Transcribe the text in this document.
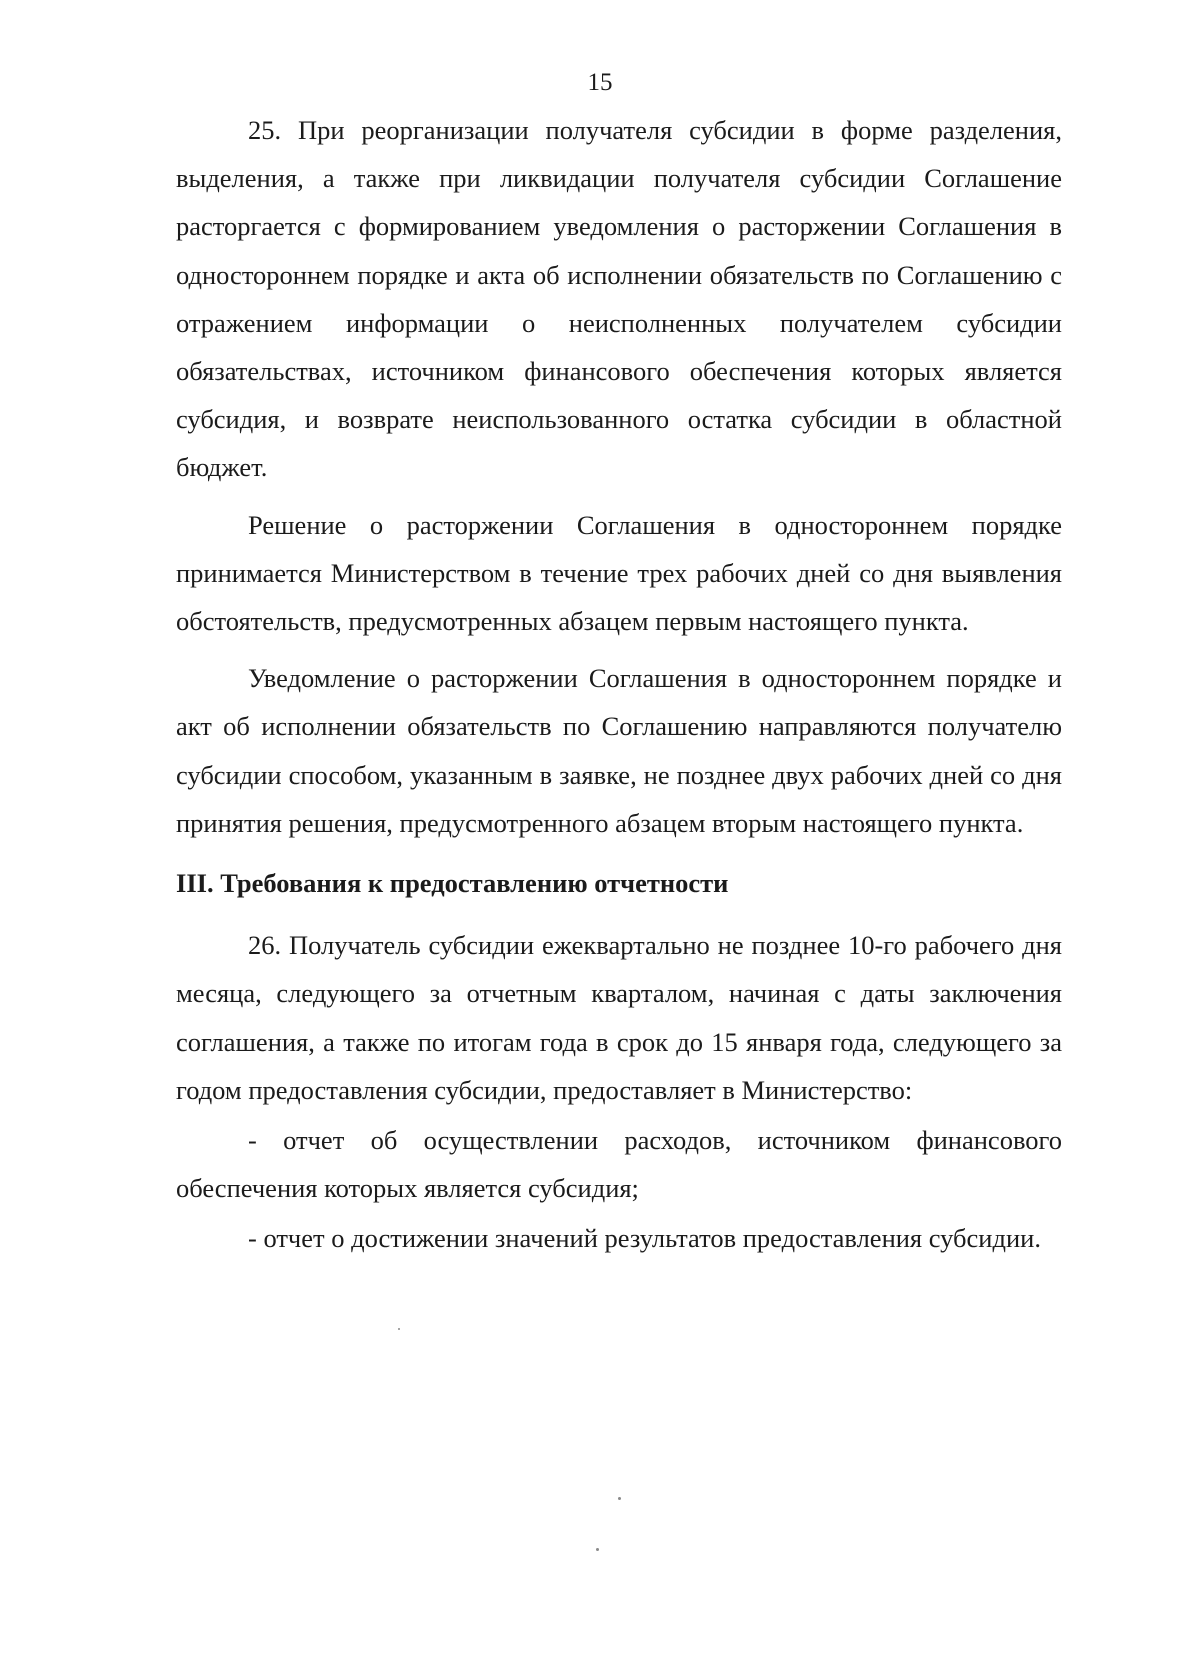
15

25. При реорганизации получателя субсидии в форме разделения, выделения, а также при ликвидации получателя субсидии Соглашение расторгается с формированием уведомления о расторжении Соглашения в одностороннем порядке и акта об исполнении обязательств по Соглашению с отражением информации о неисполненных получателем субсидии обязательствах, источником финансового обеспечения которых является субсидия, и возврате неиспользованного остатка субсидии в областной бюджет.

Решение о расторжении Соглашения в одностороннем порядке принимается Министерством в течение трех рабочих дней со дня выявления обстоятельств, предусмотренных абзацем первым настоящего пункта.

Уведомление о расторжении Соглашения в одностороннем порядке и акт об исполнении обязательств по Соглашению направляются получателю субсидии способом, указанным в заявке, не позднее двух рабочих дней со дня принятия решения, предусмотренного абзацем вторым настоящего пункта.

III. Требования к предоставлению отчетности

26. Получатель субсидии ежеквартально не позднее 10-го рабочего дня месяца, следующего за отчетным кварталом, начиная с даты заключения соглашения, а также по итогам года в срок до 15 января года, следующего за годом предоставления субсидии, предоставляет в Министерство:

- отчет об осуществлении расходов, источником финансового обеспечения которых является субсидия;

- отчет о достижении значений результатов предоставления субсидии.
